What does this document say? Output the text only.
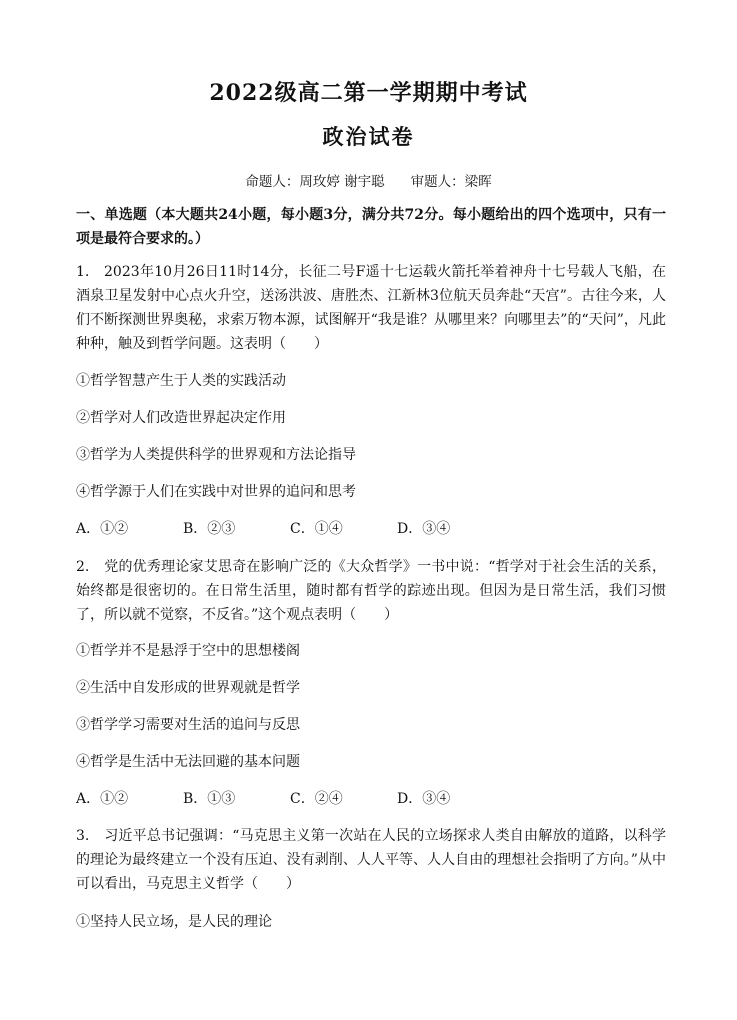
2022级高二第一学期期中考试
政治试卷
命题人：周玫婷 谢宇聪 审题人：梁晖
一、单选题（本大题共24小题，每小题3分，满分共72分。每小题给出的四个选项中，只有一项是最符合要求的。）
1. 2023年10月26日11时14分，长征二号F遥十七运载火箭托举着神舟十七号载人飞船，在酒泉卫星发射中心点火升空，送汤洪波、唐胜杰、江新林3位航天员奔赴“天宫”。古往今来，人们不断探测世界奥秘，求索万物本源，试图解开“我是谁？从哪里来？向哪里去”的“天问”，凡此种种，触及到哲学问题。这表明（　　）
①哲学智慧产生于人类的实践活动
②哲学对人们改造世界起决定作用
③哲学为人类提供科学的世界观和方法论指导
④哲学源于人们在实践中对世界的追问和思考
A．①②	B．②③	C．①④	D．③④
2. 党的优秀理论家艾思奇在影响广泛的《大众哲学》一书中说：“哲学对于社会生活的关系，始终都是很密切的。在日常生活里，随时都有哲学的踪迹出现。但因为是日常生活，我们习惯了，所以就不觉察，不反省。”这个观点表明（　　）
①哲学并不是悬浮于空中的思想楼阁
②生活中自发形成的世界观就是哲学
③哲学学习需要对生活的追问与反思
④哲学是生活中无法回避的基本问题
A．①②	B．①③	C．②④	D．③④
3. 习近平总书记强调：“马克思主义第一次站在人民的立场探求人类自由解放的道路，以科学的理论为最终建立一个没有压迫、没有剥削、人人平等、人人自由的理想社会指明了方向。”从中可以看出，马克思主义哲学（　　）
①坚持人民立场，是人民的理论
